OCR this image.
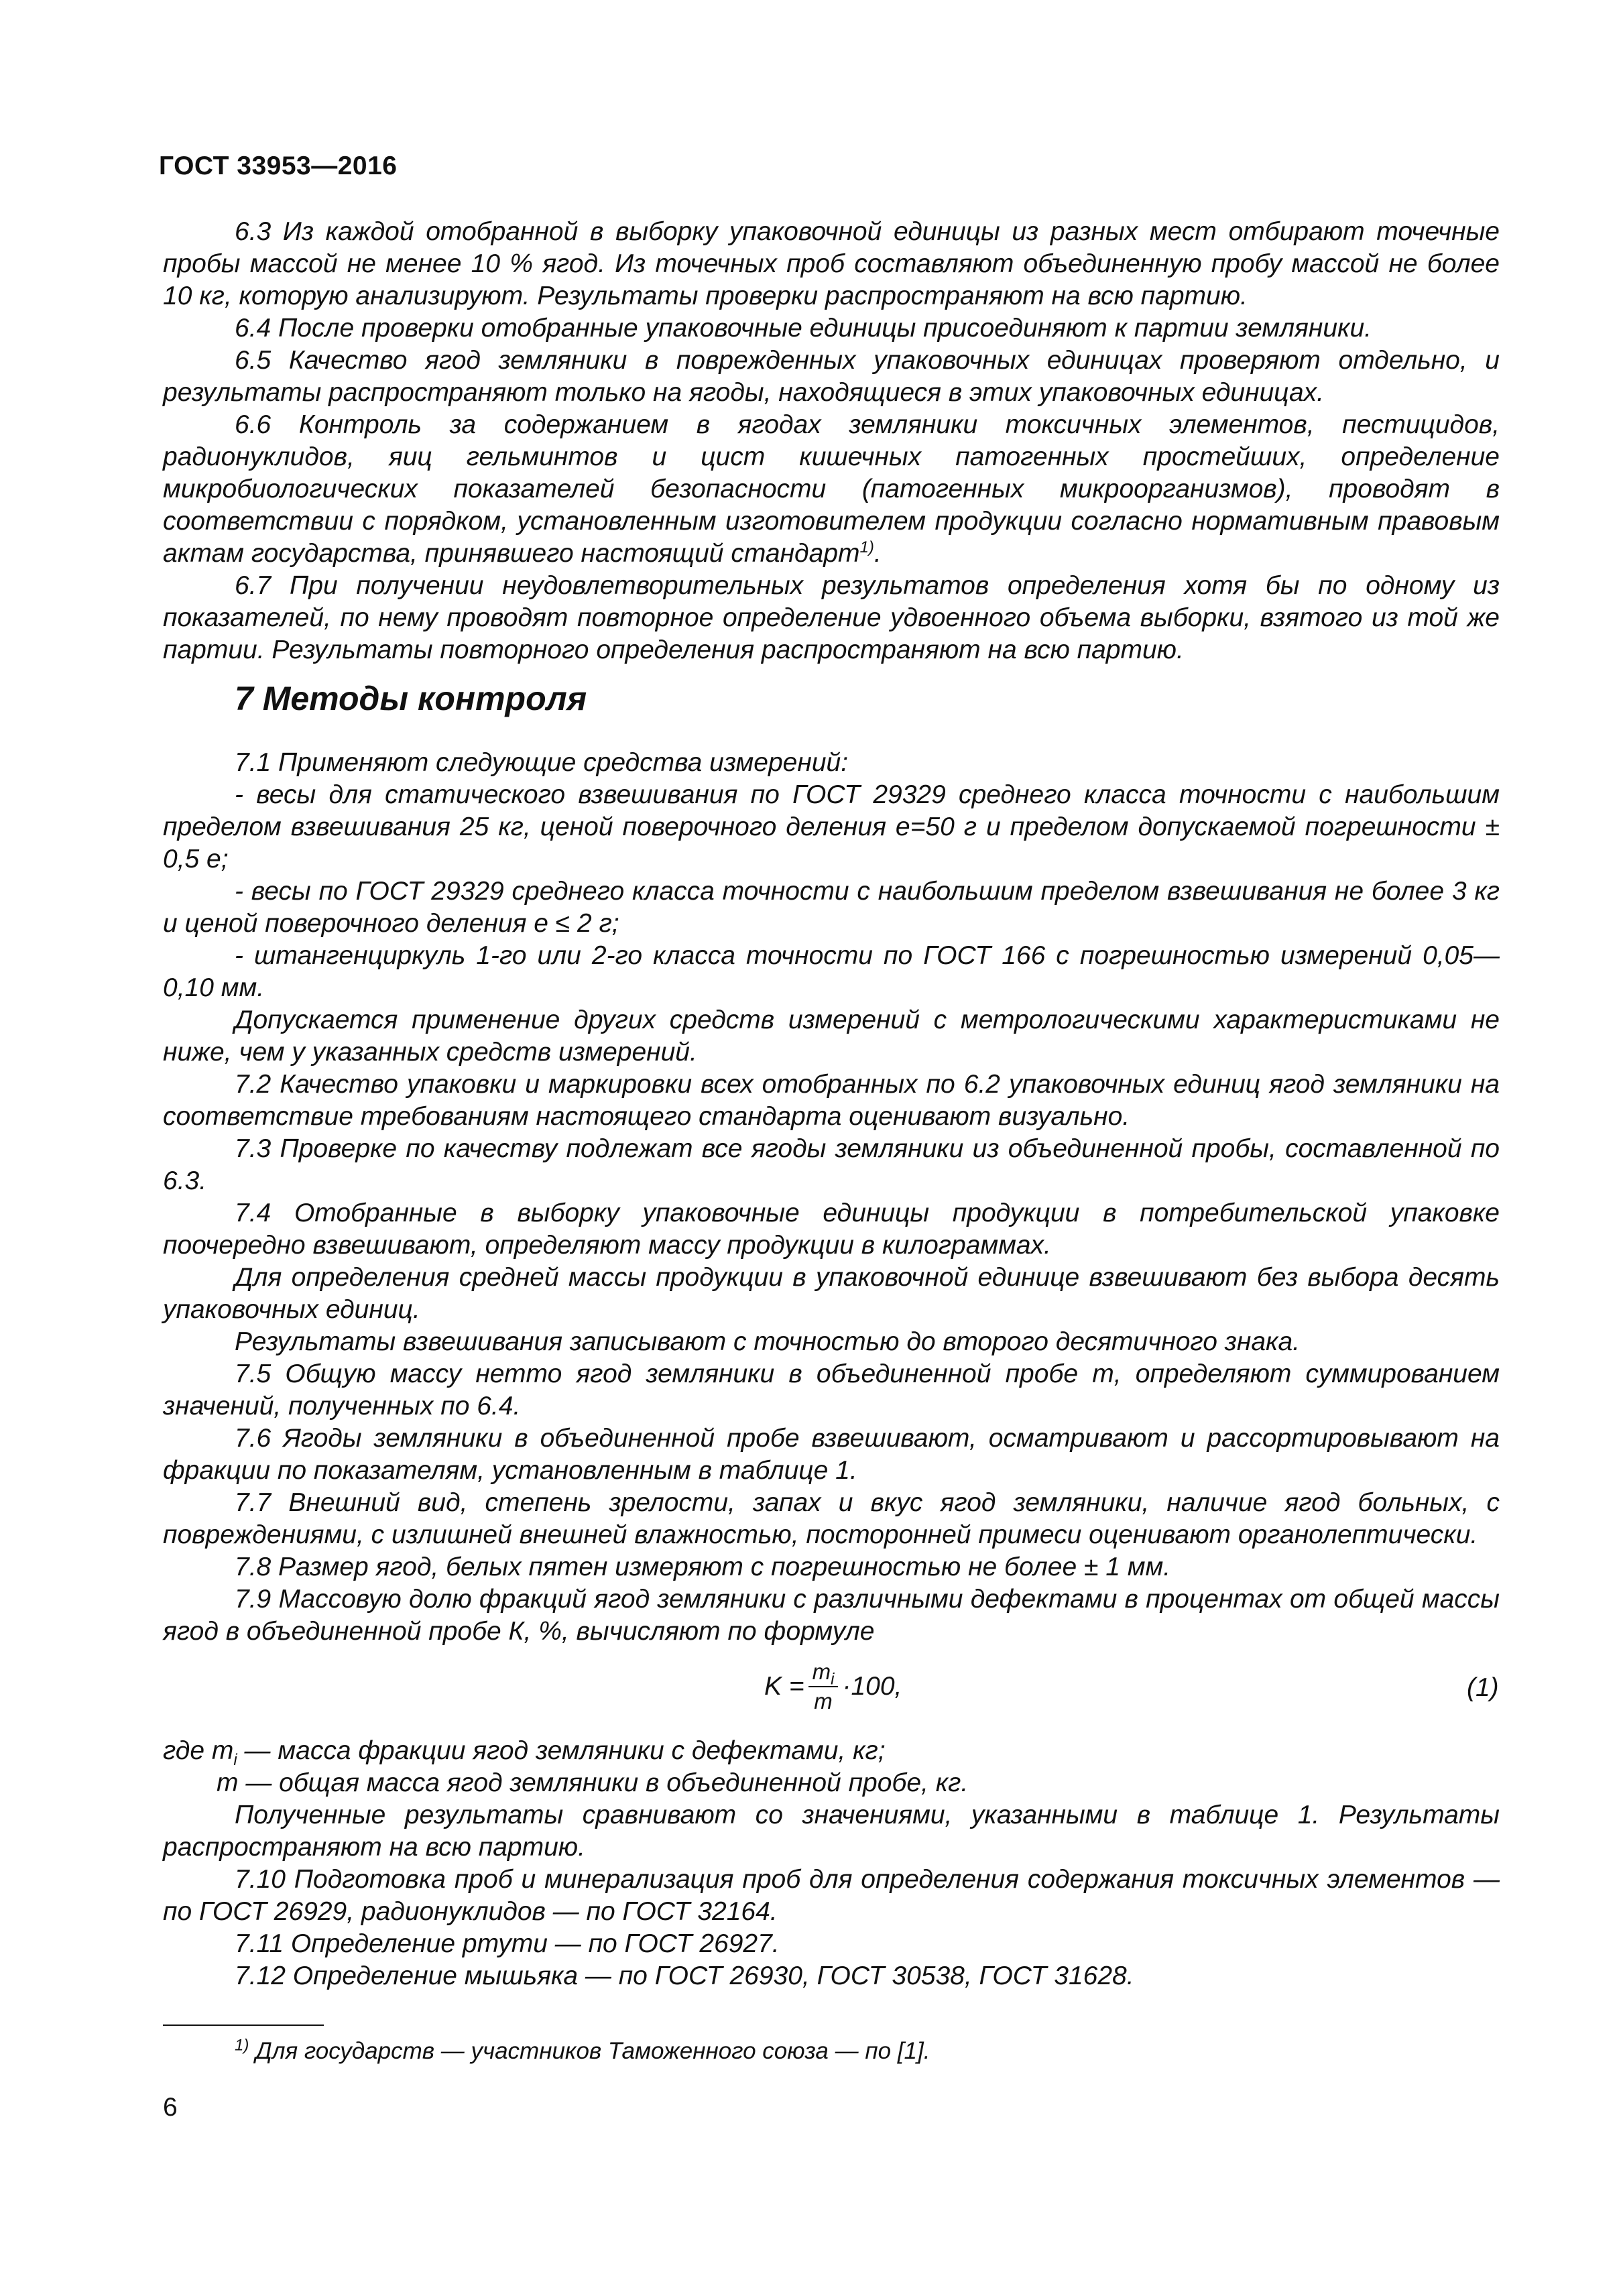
ГОСТ 33953—2016

6.3 Из каждой отобранной в выборку упаковочной единицы из разных мест отбирают точечные пробы массой не менее 10 % ягод. Из точечных проб составляют объединенную пробу массой не более 10 кг, которую анализируют. Результаты проверки распространяют на всю партию.

6.4 После проверки отобранные упаковочные единицы присоединяют к партии земляники.

6.5 Качество ягод земляники в поврежденных упаковочных единицах проверяют отдельно, и результаты распространяют только на ягоды, находящиеся в этих упаковочных единицах.

6.6 Контроль за содержанием в ягодах земляники токсичных элементов, пестицидов, радионуклидов, яиц гельминтов и цист кишечных патогенных простейших, определение микробиологических показателей безопасности (патогенных микроорганизмов), проводят в соответствии с порядком, установленным изготовителем продукции согласно нормативным правовым актам государства, принявшего настоящий стандарт$^{1)}$.

6.7 При получении неудовлетворительных результатов определения хотя бы по одному из показателей, по нему проводят повторное определение удвоенного объема выборки, взятого из той же партии. Результаты повторного определения распространяют на всю партию.

7 Методы контроля

7.1 Применяют следующие средства измерений:

- весы для статического взвешивания по ГОСТ 29329 среднего класса точности с наибольшим пределом взвешивания 25 кг, ценой поверочного деления е=50 г и пределом допускаемой погрешности ± 0,5 е;

- весы по ГОСТ 29329 среднего класса точности с наибольшим пределом взвешивания не более 3 кг и ценой поверочного деления е ≤ 2 г;

- штангенциркуль 1-го или 2-го класса точности по ГОСТ 166 с погрешностью измерений 0,05—0,10 мм.

Допускается применение других средств измерений с метрологическими характеристиками не ниже, чем у указанных средств измерений.

7.2 Качество упаковки и маркировки всех отобранных по 6.2 упаковочных единиц ягод земляники на соответствие требованиям настоящего стандарта оценивают визуально.

7.3 Проверке по качеству подлежат все ягоды земляники из объединенной пробы, составленной по 6.3.

7.4 Отобранные в выборку упаковочные единицы продукции в потребительской упаковке поочередно взвешивают, определяют массу продукции в килограммах.

Для определения средней массы продукции в упаковочной единице взвешивают без выбора десять упаковочных единиц.

Результаты взвешивания записывают с точностью до второго десятичного знака.

7.5 Общую массу нетто ягод земляники в объединенной пробе m, определяют суммированием значений, полученных по 6.4.

7.6 Ягоды земляники в объединенной пробе взвешивают, осматривают и рассортировывают на фракции по показателям, установленным в таблице 1.

7.7 Внешний вид, степень зрелости, запах и вкус ягод земляники, наличие ягод больных, с повреждениями, с излишней внешней влажностью, посторонней примеси оценивают органолептически.

7.8 Размер ягод, белых пятен измеряют с погрешностью не более ± 1 мм.

7.9 Массовую долю фракций ягод земляники с различными дефектами в процентах от общей массы ягод в объединенной пробе К, %, вычисляют по формуле

$K = \frac{m_i}{m} \cdot 100$,	(1)
где $m_i$ — масса фракции ягод земляники с дефектами, кг;
m — общая масса ягод земляники в объединенной пробе, кг.

Полученные результаты сравнивают со значениями, указанными в таблице 1. Результаты распространяют на всю партию.

7.10 Подготовка проб и минерализация проб для определения содержания токсичных элементов — по ГОСТ 26929, радионуклидов — по ГОСТ 32164.

7.11 Определение ртути — по ГОСТ 26927.

7.12 Определение мышьяка — по ГОСТ 26930, ГОСТ 30538, ГОСТ 31628.

$^{1)}$ Для государств — участников Таможенного союза — по [1].
6
